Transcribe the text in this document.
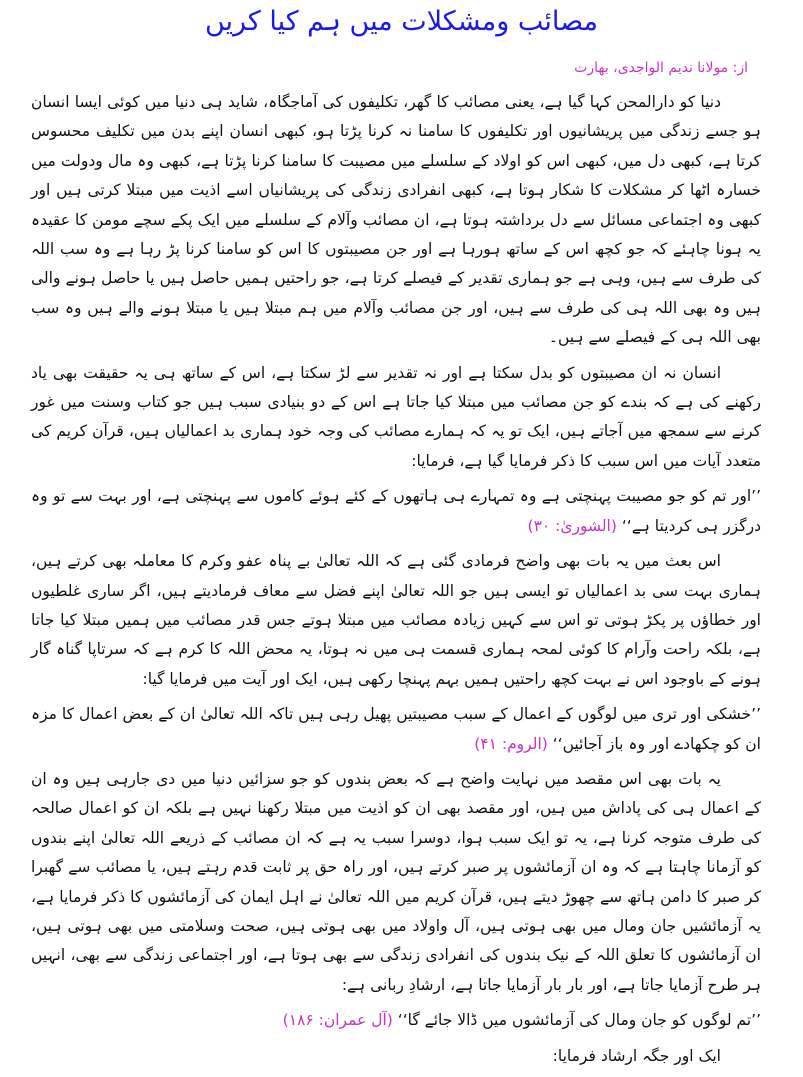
مصائب ومشکلات میں ہم کیا کریں
از: مولانا ندیم الواجدی، بھارت

دنیا کو دارالمحن کہا گیا ہے، یعنی مصائب کا گھر، تکلیفوں کی آماجگاہ، شاید ہی دنیا میں کوئی ایسا انسان ہو جسے زندگی میں پریشانیوں اور تکلیفوں کا سامنا نہ کرنا پڑتا ہو، کبھی انسان اپنے بدن میں تکلیف محسوس کرتا ہے، کبھی دل میں، کبھی اس کو اولاد کے سلسلے میں مصیبت کا سامنا کرنا پڑتا ہے، کبھی وہ مال ودولت میں خسارہ اٹھا کر مشکلات کا شکار ہوتا ہے، کبھی انفرادی زندگی کی پریشانیاں اسے اذیت میں مبتلا کرتی ہیں اور کبھی وہ اجتماعی مسائل سے دل برداشتہ ہوتا ہے، ان مصائب وآلام کے سلسلے میں ایک پکے سچے مومن کا عقیدہ یہ ہونا چاہئے کہ جو کچھ اس کے ساتھ ہورہا ہے اور جن مصیبتوں کا اس کو سامنا کرنا پڑ رہا ہے وہ سب اللہ کی طرف سے ہیں، وہی ہے جو ہماری تقدیر کے فیصلے کرتا ہے، جو راحتیں ہمیں حاصل ہیں یا حاصل ہونے والی ہیں وہ بھی اللہ ہی کی طرف سے ہیں، اور جن مصائب وآلام میں ہم مبتلا ہیں یا مبتلا ہونے والے ہیں وہ سب بھی اللہ ہی کے فیصلے سے ہیں۔

انسان نہ ان مصیبتوں کو بدل سکتا ہے اور نہ تقدیر سے لڑ سکتا ہے، اس کے ساتھ ہی یہ حقیقت بھی یاد رکھنے کی ہے کہ بندے کو جن مصائب میں مبتلا کیا جاتا ہے اس کے دو بنیادی سبب ہیں جو کتاب وسنت میں غور کرنے سے سمجھ میں آجاتے ہیں، ایک تو یہ کہ ہمارے مصائب کی وجہ خود ہماری بد اعمالیاں ہیں، قرآن کریم کی متعدد آیات میں اس سبب کا ذکر فرمایا گیا ہے، فرمایا:

’’اور تم کو جو مصیبت پہنچتی ہے وہ تمہارے ہی ہاتھوں کے کئے ہوئے کاموں سے پہنچتی ہے، اور بہت سے تو وہ درگزر ہی کردیتا ہے‘‘ (الشوریٰ: ۳۰)

اس بعث میں یہ بات بھی واضح فرمادی گئی ہے کہ اللہ تعالیٰ بے پناہ عفو وکرم کا معاملہ بھی کرتے ہیں، ہماری بہت سی بد اعمالیاں تو ایسی ہیں جو اللہ تعالیٰ اپنے فضل سے معاف فرمادیتے ہیں، اگر ساری غلطیوں اور خطاؤں پر پکڑ ہوتی تو اس سے کہیں زیادہ مصائب میں مبتلا ہوتے جس قدر مصائب میں ہمیں مبتلا کیا جاتا ہے، بلکہ راحت وآرام کا کوئی لمحہ ہماری قسمت ہی میں نہ ہوتا، یہ محض اللہ کا کرم ہے کہ سرتاپا گناہ گار ہونے کے باوجود اس نے بہت کچھ راحتیں ہمیں بہم پہنچا رکھی ہیں، ایک اور آیت میں فرمایا گیا:

’’خشکی اور تری میں لوگوں کے اعمال کے سبب مصیبتیں پھیل رہی ہیں تاکہ اللہ تعالیٰ ان کے بعض اعمال کا مزہ ان کو چکھادے اور وہ باز آجائیں‘‘ (الروم: ۴۱)

یہ بات بھی اس مقصد میں نہایت واضح ہے کہ بعض بندوں کو جو سزائیں دنیا میں دی جارہی ہیں وہ ان کے اعمال ہی کی پاداش میں ہیں، اور مقصد بھی ان کو اذیت میں مبتلا رکھنا نہیں ہے بلکہ ان کو اعمال صالحہ کی طرف متوجہ کرنا ہے، یہ تو ایک سبب ہوا، دوسرا سبب یہ ہے کہ ان مصائب کے ذریعے اللہ تعالیٰ اپنے بندوں کو آزمانا چاہتا ہے کہ وہ ان آزمائشوں پر صبر کرتے ہیں، اور راہ حق پر ثابت قدم رہتے ہیں، یا مصائب سے گھبرا کر صبر کا دامن ہاتھ سے چھوڑ دیتے ہیں، قرآن کریم میں اللہ تعالیٰ نے اہل ایمان کی آزمائشوں کا ذکر فرمایا ہے، یہ آزمائشیں جان ومال میں بھی ہوتی ہیں، آل واولاد میں بھی ہوتی ہیں، صحت وسلامتی میں بھی ہوتی ہیں، ان آزمائشوں کا تعلق اللہ کے نیک بندوں کی انفرادی زندگی سے بھی ہوتا ہے، اور اجتماعی زندگی سے بھی، انہیں ہر طرح آزمایا جاتا ہے، اور بار بار آزمایا جاتا ہے، ارشادِ ربانی ہے:

’’تم لوگوں کو جان ومال کی آزمائشوں میں ڈالا جائے گا‘‘ (آل عمران: ۱۸۶)

ایک اور جگہ ارشاد فرمایا:
